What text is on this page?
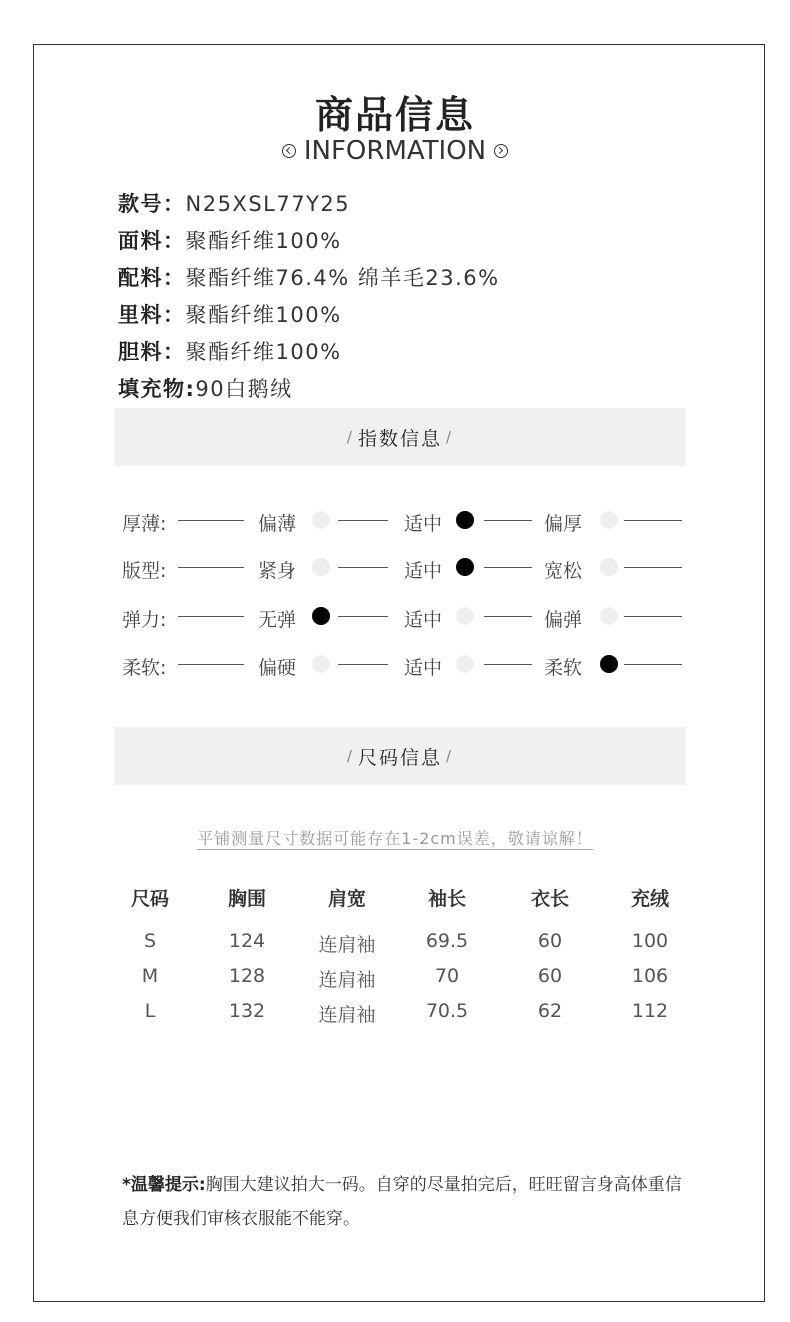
商品信息
INFORMATION
款号：N25XSL77Y25
面料：聚酯纤维100%
配料：聚酯纤维76.4% 绵羊毛23.6%
里料：聚酯纤维100%
胆料：聚酯纤维100%
填充物:90白鹅绒
/ 指数信息 /
厚薄:	偏薄	适中	偏厚
版型:	紧身	适中	宽松
弹力:	无弹	适中	偏弹
柔软:	偏硬	适中	柔软
/ 尺码信息 /
平铺测量尺寸数据可能存在1-2cm误差，敬请谅解！
尺码	胸围	肩宽	袖长	衣长	充绒
S	124	连肩袖	69.5	60	100
M	128	连肩袖	70	60	106
L	132	连肩袖	70.5	62	112
*温馨提示:胸围大建议拍大一码。自穿的尽量拍完后，旺旺留言身高体重信息方便我们审核衣服能不能穿。
